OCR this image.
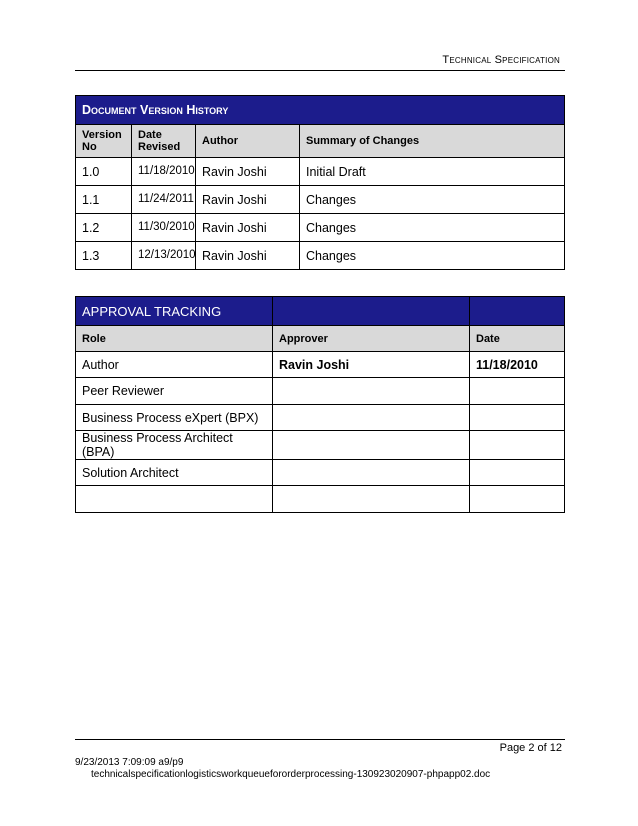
Technical Specification
Document Version History			
Version No	Date Revised	Author	Summary of Changes
1.0	11/18/2010	Ravin Joshi	Initial Draft
1.1	11/24/2011	Ravin Joshi	Changes
1.2	11/30/2010	Ravin Joshi	Changes
1.3	12/13/2010	Ravin Joshi	Changes
APPROVAL TRACKING		
Role	Approver	Date
Author	Ravin Joshi	11/18/2010
Peer Reviewer		
Business Process eXpert (BPX)		
Business Process Architect (BPA)		
Solution Architect		

Page 2 of 12
9/23/2013 7:09:09 a9/p9
technicalspecificationlogisticsworkqueuefororderprocessing-130923020907-phpapp02.doc
